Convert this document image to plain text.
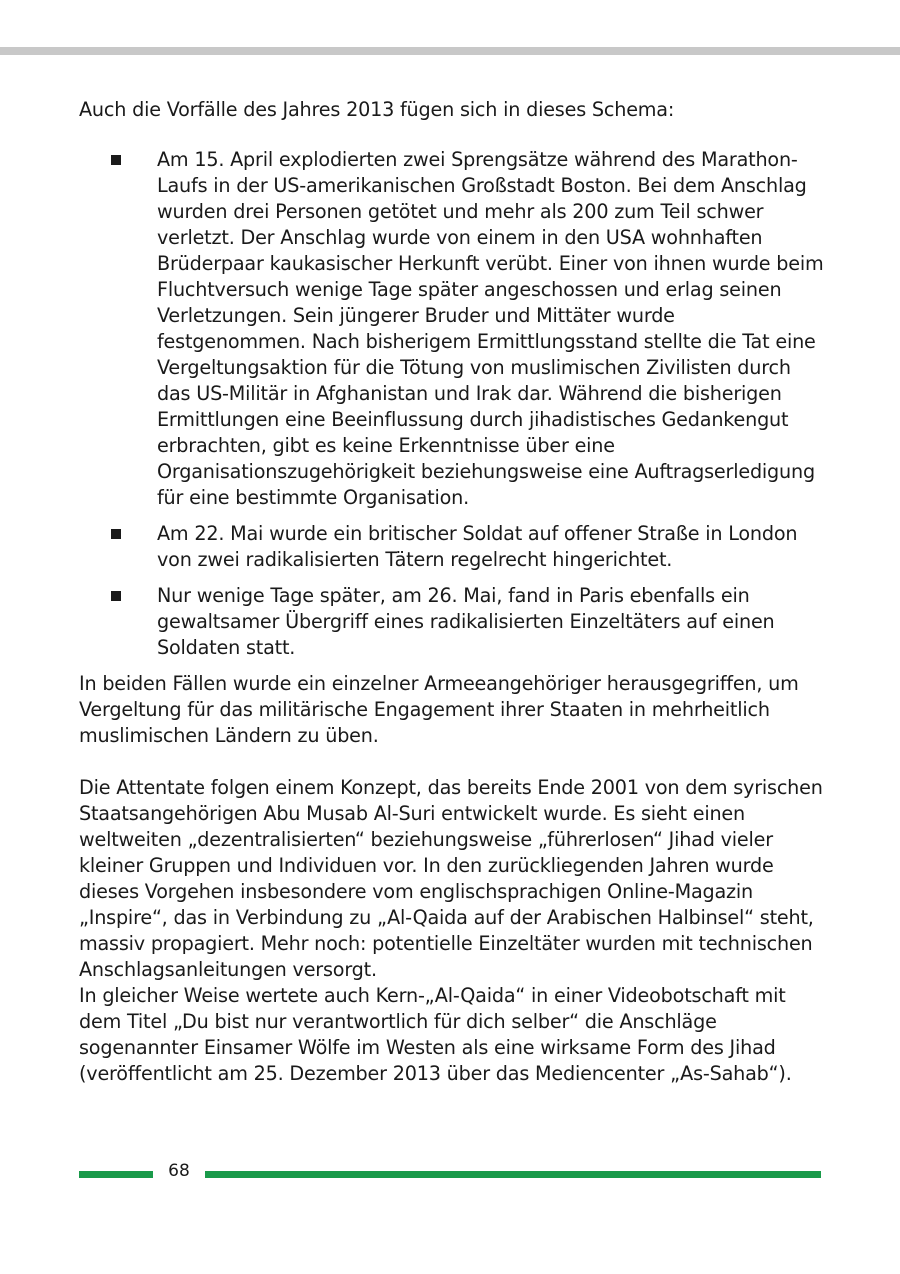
Auch die Vorfälle des Jahres 2013 fügen sich in dieses Schema:

Am 15. April explodierten zwei Sprengsätze während des Marathon-Laufs in der US-amerikanischen Großstadt Boston. Bei dem Anschlag wurden drei Personen getötet und mehr als 200 zum Teil schwer verletzt. Der Anschlag wurde von einem in den USA wohnhaften Brüderpaar kaukasischer Herkunft verübt. Einer von ihnen wurde beim Fluchtversuch wenige Tage später angeschossen und erlag seinen Verletzungen. Sein jüngerer Bruder und Mittäter wurde festgenommen. Nach bisherigem Ermittlungsstand stellte die Tat eine Vergeltungsaktion für die Tötung von muslimischen Zivilisten durch das US-Militär in Afghanistan und Irak dar. Während die bisherigen Ermittlungen eine Beeinflussung durch jihadistisches Gedankengut erbrachten, gibt es keine Erkenntnisse über eine Organisationszugehörigkeit beziehungsweise eine Auftragserledigung für eine bestimmte Organisation.
Am 22. Mai wurde ein britischer Soldat auf offener Straße in London von zwei radikalisierten Tätern regelrecht hingerichtet.
Nur wenige Tage später, am 26. Mai, fand in Paris ebenfalls ein gewaltsamer Übergriff eines radikalisierten Einzeltäters auf einen Soldaten statt.

In beiden Fällen wurde ein einzelner Armeeangehöriger herausgegriffen, um Vergeltung für das militärische Engagement ihrer Staaten in mehrheitlich muslimischen Ländern zu üben.

Die Attentate folgen einem Konzept, das bereits Ende 2001 von dem syrischen Staatsangehörigen Abu Musab Al-Suri entwickelt wurde. Es sieht einen weltweiten „dezentralisierten“ beziehungsweise „führerlosen“ Jihad vieler kleiner Gruppen und Individuen vor. In den zurückliegenden Jahren wurde dieses Vorgehen insbesondere vom englischsprachigen Online-Magazin „Inspire“, das in Verbindung zu „Al-Qaida auf der Arabischen Halbinsel“ steht, massiv propagiert. Mehr noch: potentielle Einzeltäter wurden mit technischen Anschlagsanleitungen versorgt.

In gleicher Weise wertete auch Kern-„Al-Qaida“ in einer Videobotschaft mit dem Titel „Du bist nur verantwortlich für dich selber“ die Anschläge sogenannter Einsamer Wölfe im Westen als eine wirksame Form des Jihad (veröffentlicht am 25. Dezember 2013 über das Mediencenter „As-Sahab“).

68
